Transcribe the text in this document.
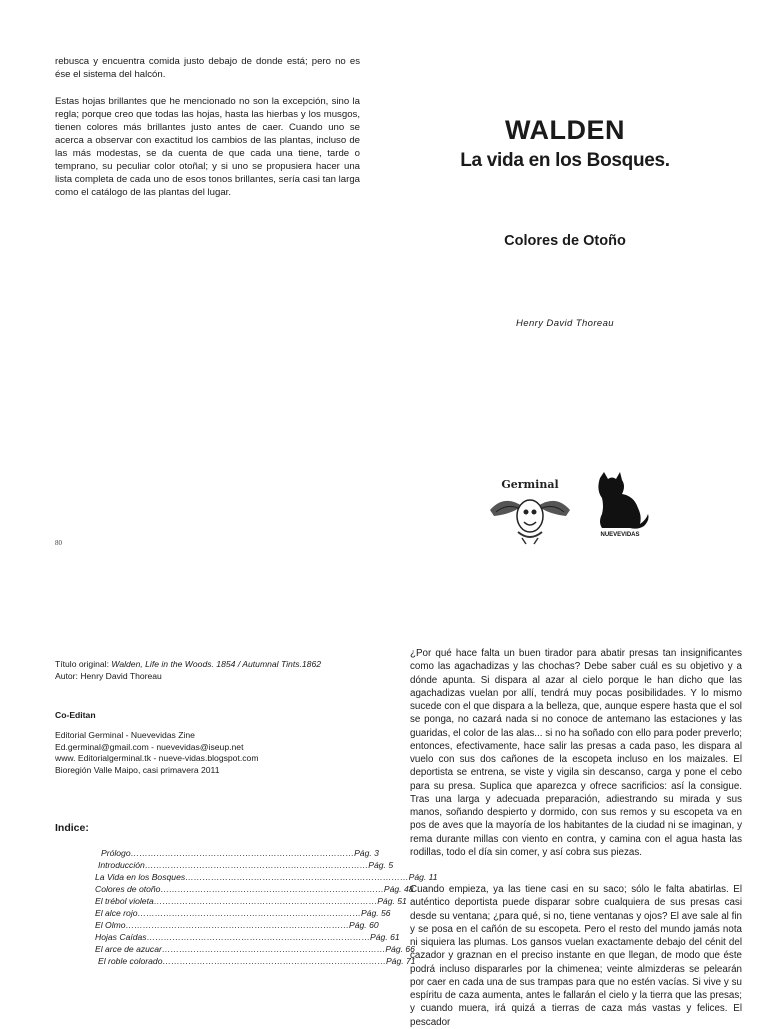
rebusca y encuentra comida justo debajo de donde está; pero no es ése el sistema del halcón.

Estas hojas brillantes que he mencionado no son la excepción, sino la regla; porque creo que todas las hojas, hasta las hierbas y los musgos, tienen colores más brillantes justo antes de caer. Cuando uno se acerca a observar con exactitud los cambios de las plantas, incluso de las más modestas, se da cuenta de que cada una tiene, tarde o temprano, su peculiar color otoñal; y si uno se propusiera hacer una lista completa de cada uno de esos tonos brillantes, sería casi tan larga como el catálogo de las plantas del lugar.

80
WALDEN
La vida en los Bosques.
Colores de Otoño
Henry David Thoreau
Germinal
NUEVEVIDAS
Título original: Walden, Life in the Woods. 1854 / Autumnal Tints.1862
Autor: Henry David Thoreau
Co-Editan
Editorial Germinal - Nuevevidas Zine
Ed.germinal@gmail.com - nuevevidas@iseup.net
www. Editorialgerminal.tk - nueve-vidas.blogspot.com
Bioregión Valle Maipo, casi primavera 2011
Indice:
Prólogo …………………………………………………………………… Pág. 3
Introducción …………………………………………………………………… Pág. 5
La Vida en los Bosques …………………………………………………………………… Pág. 11
Colores de otoño …………………………………………………………………… Pág. 48
El trébol violeta …………………………………………………………………… Pág. 51
El alce rojo …………………………………………………………………… Pág. 56
El Olmo …………………………………………………………………… Pág. 60
Hojas Caídas …………………………………………………………………… Pág. 61
El arce de azucar …………………………………………………………………… Pág. 66
El roble colorado …………………………………………………………………… Pág. 71

¿Por qué hace falta un buen tirador para abatir presas tan insignificantes como las agachadizas y las chochas? Debe saber cuál es su objetivo y a dónde apunta. Si dispara al azar al cielo porque le han dicho que las agachadizas vuelan por allí, tendrá muy pocas posibilidades. Y lo mismo sucede con el que dispara a la belleza, que, aunque espere hasta que el sol se ponga, no cazará nada si no conoce de antemano las estaciones y las guaridas, el color de las alas... si no ha soñado con ello para poder preverlo; entonces, efectivamente, hace salir las presas a cada paso, les dispara al vuelo con sus dos cañones de la escopeta incluso en los maizales. El deportista se entrena, se viste y vigila sin descanso, carga y pone el cebo para su presa. Suplica que aparezca y ofrece sacrificios: así la consigue. Tras una larga y adecuada preparación, adiestrando su mirada y sus manos, soñando despierto y dormido, con sus remos y su escopeta va en pos de aves que la mayoría de los habitantes de la ciudad ni se imaginan, y rema durante millas con viento en contra, y camina con el agua hasta las rodillas, todo el día sin comer, y así cobra sus piezas.

Cuando empieza, ya las tiene casi en su saco; sólo le falta abatirlas. El auténtico deportista puede disparar sobre cualquiera de sus presas casi desde su ventana; ¿para qué, si no, tiene ventanas y ojos? El ave sale al fin y se posa en el cañón de su escopeta. Pero el resto del mundo jamás nota ni siquiera las plumas. Los gansos vuelan exactamente debajo del cénit del cazador y graznan en el preciso instante en que llegan, de modo que éste podrá incluso dispararles por la chimenea; veinte almizderas se pelearán por caer en cada una de sus trampas para que no estén vacías. Si vive y su espíritu de caza aumenta, antes le fallarán el cielo y la tierra que las presas; y cuando muera, irá quizá a tierras de caza más vastas y felices. El pescador
